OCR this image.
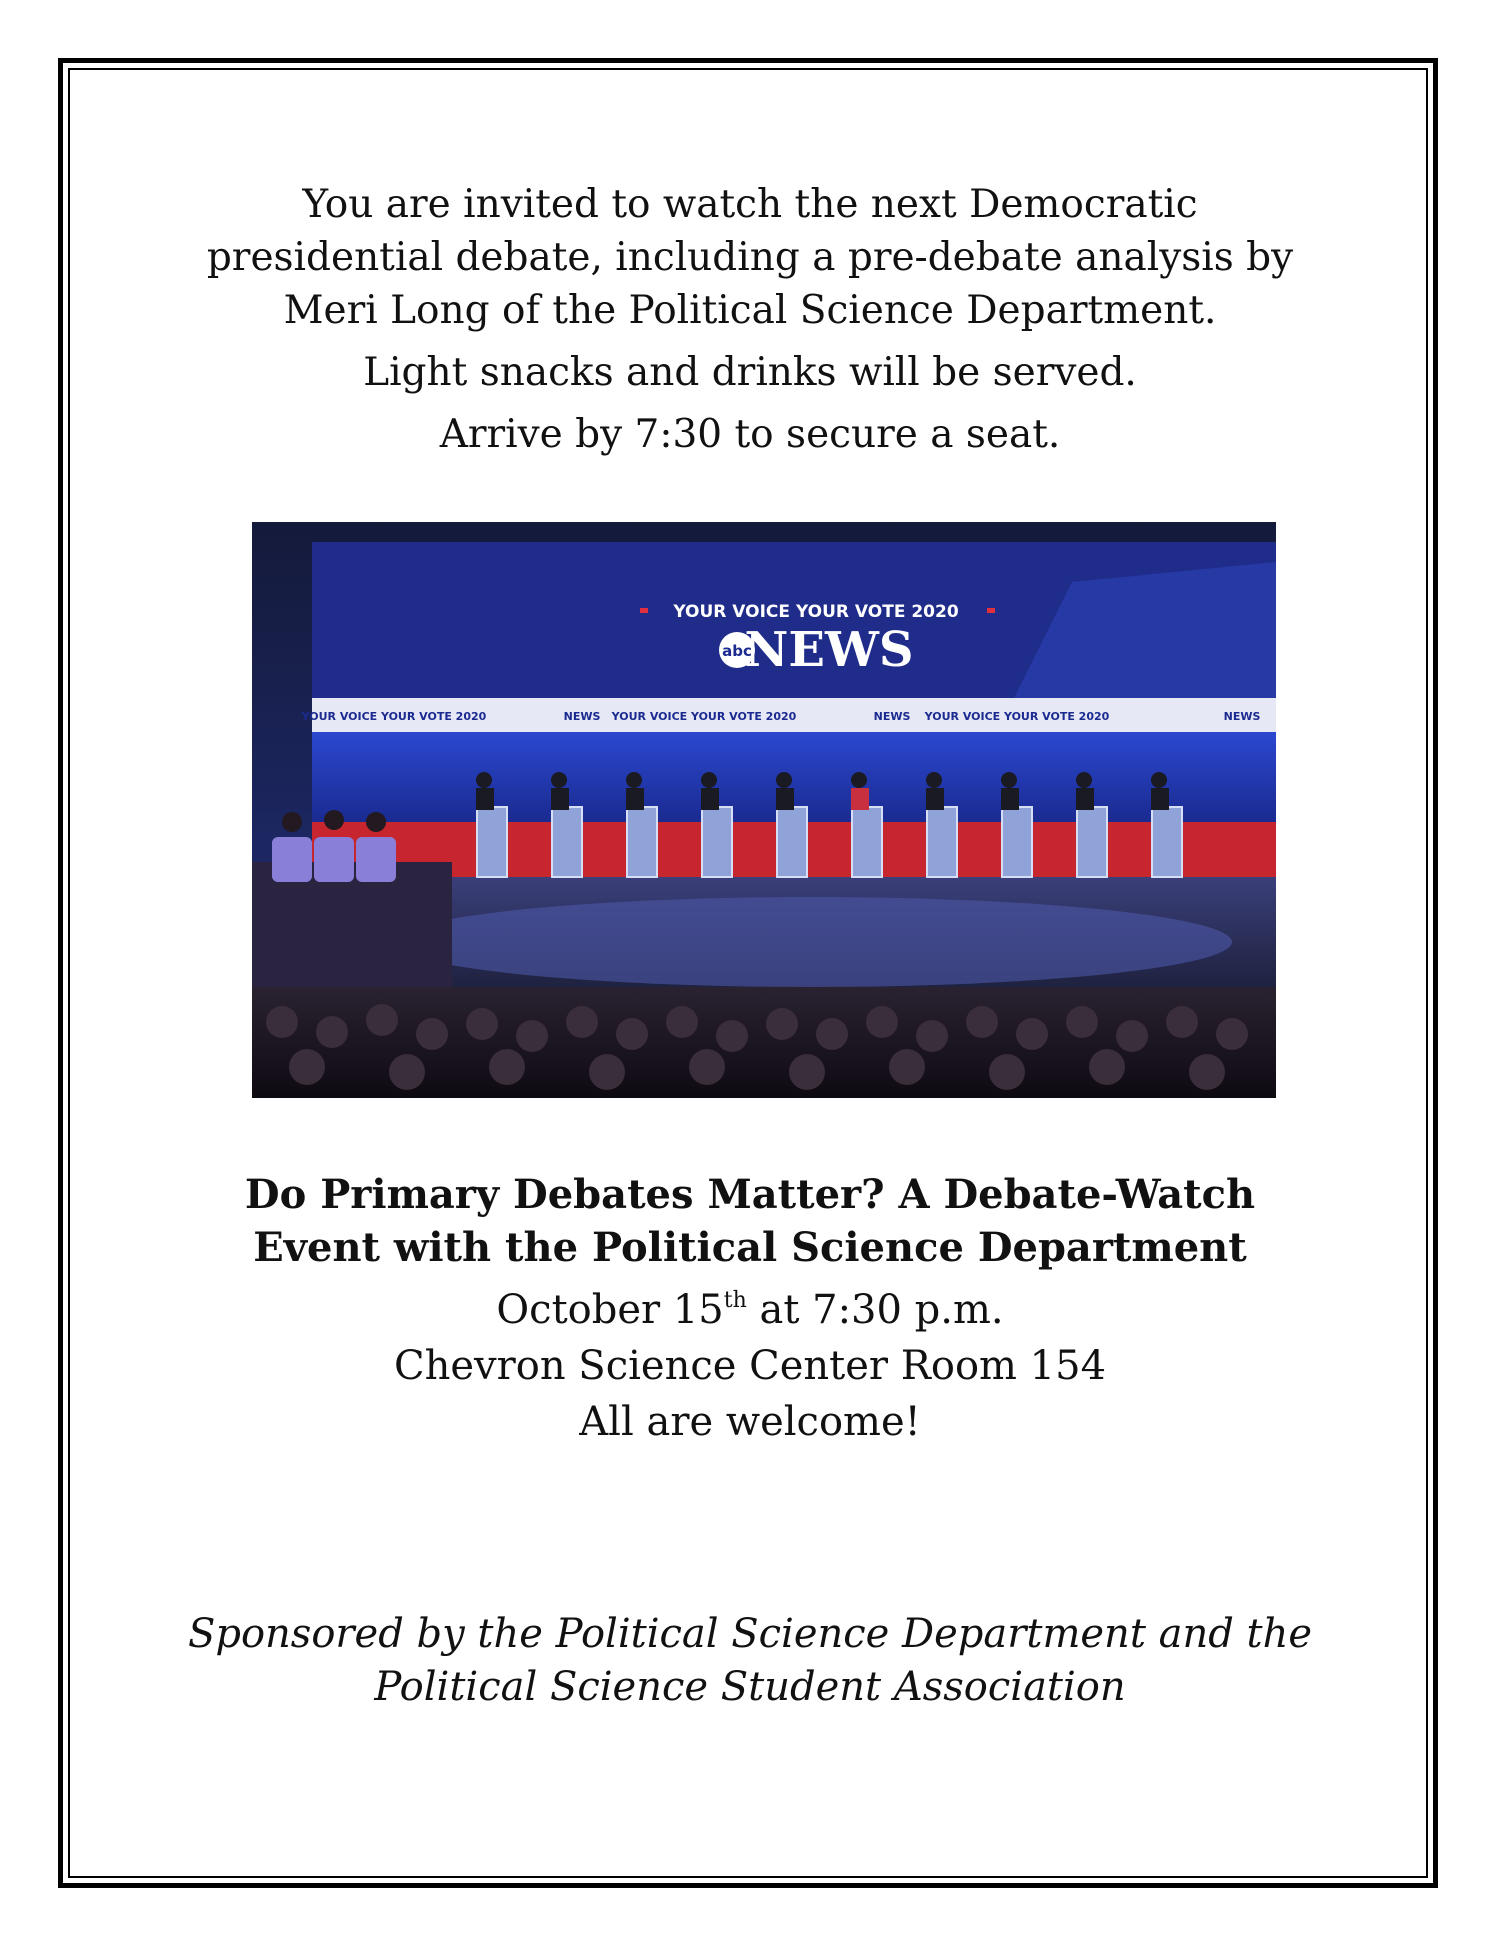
You are invited to watch the next Democratic

presidential debate, including a pre-debate analysis by

Meri Long of the Political Science Department.

Light snacks and drinks will be served.

Arrive by 7:30 to secure a seat.

YOUR VOICE YOUR VOTE 2020
abc
NEWS
YOUR VOICE YOUR VOTE 2020	NEWS YOUR VOICE YOUR VOTE 2020	NEWS YOUR VOICE YOUR VOTE 2020	NEWS

Do Primary Debates Matter? A Debate-Watch

Event with the Political Science Department

October 15th at 7:30 p.m.

Chevron Science Center Room 154

All are welcome!

Sponsored by the Political Science Department and the

Political Science Student Association
